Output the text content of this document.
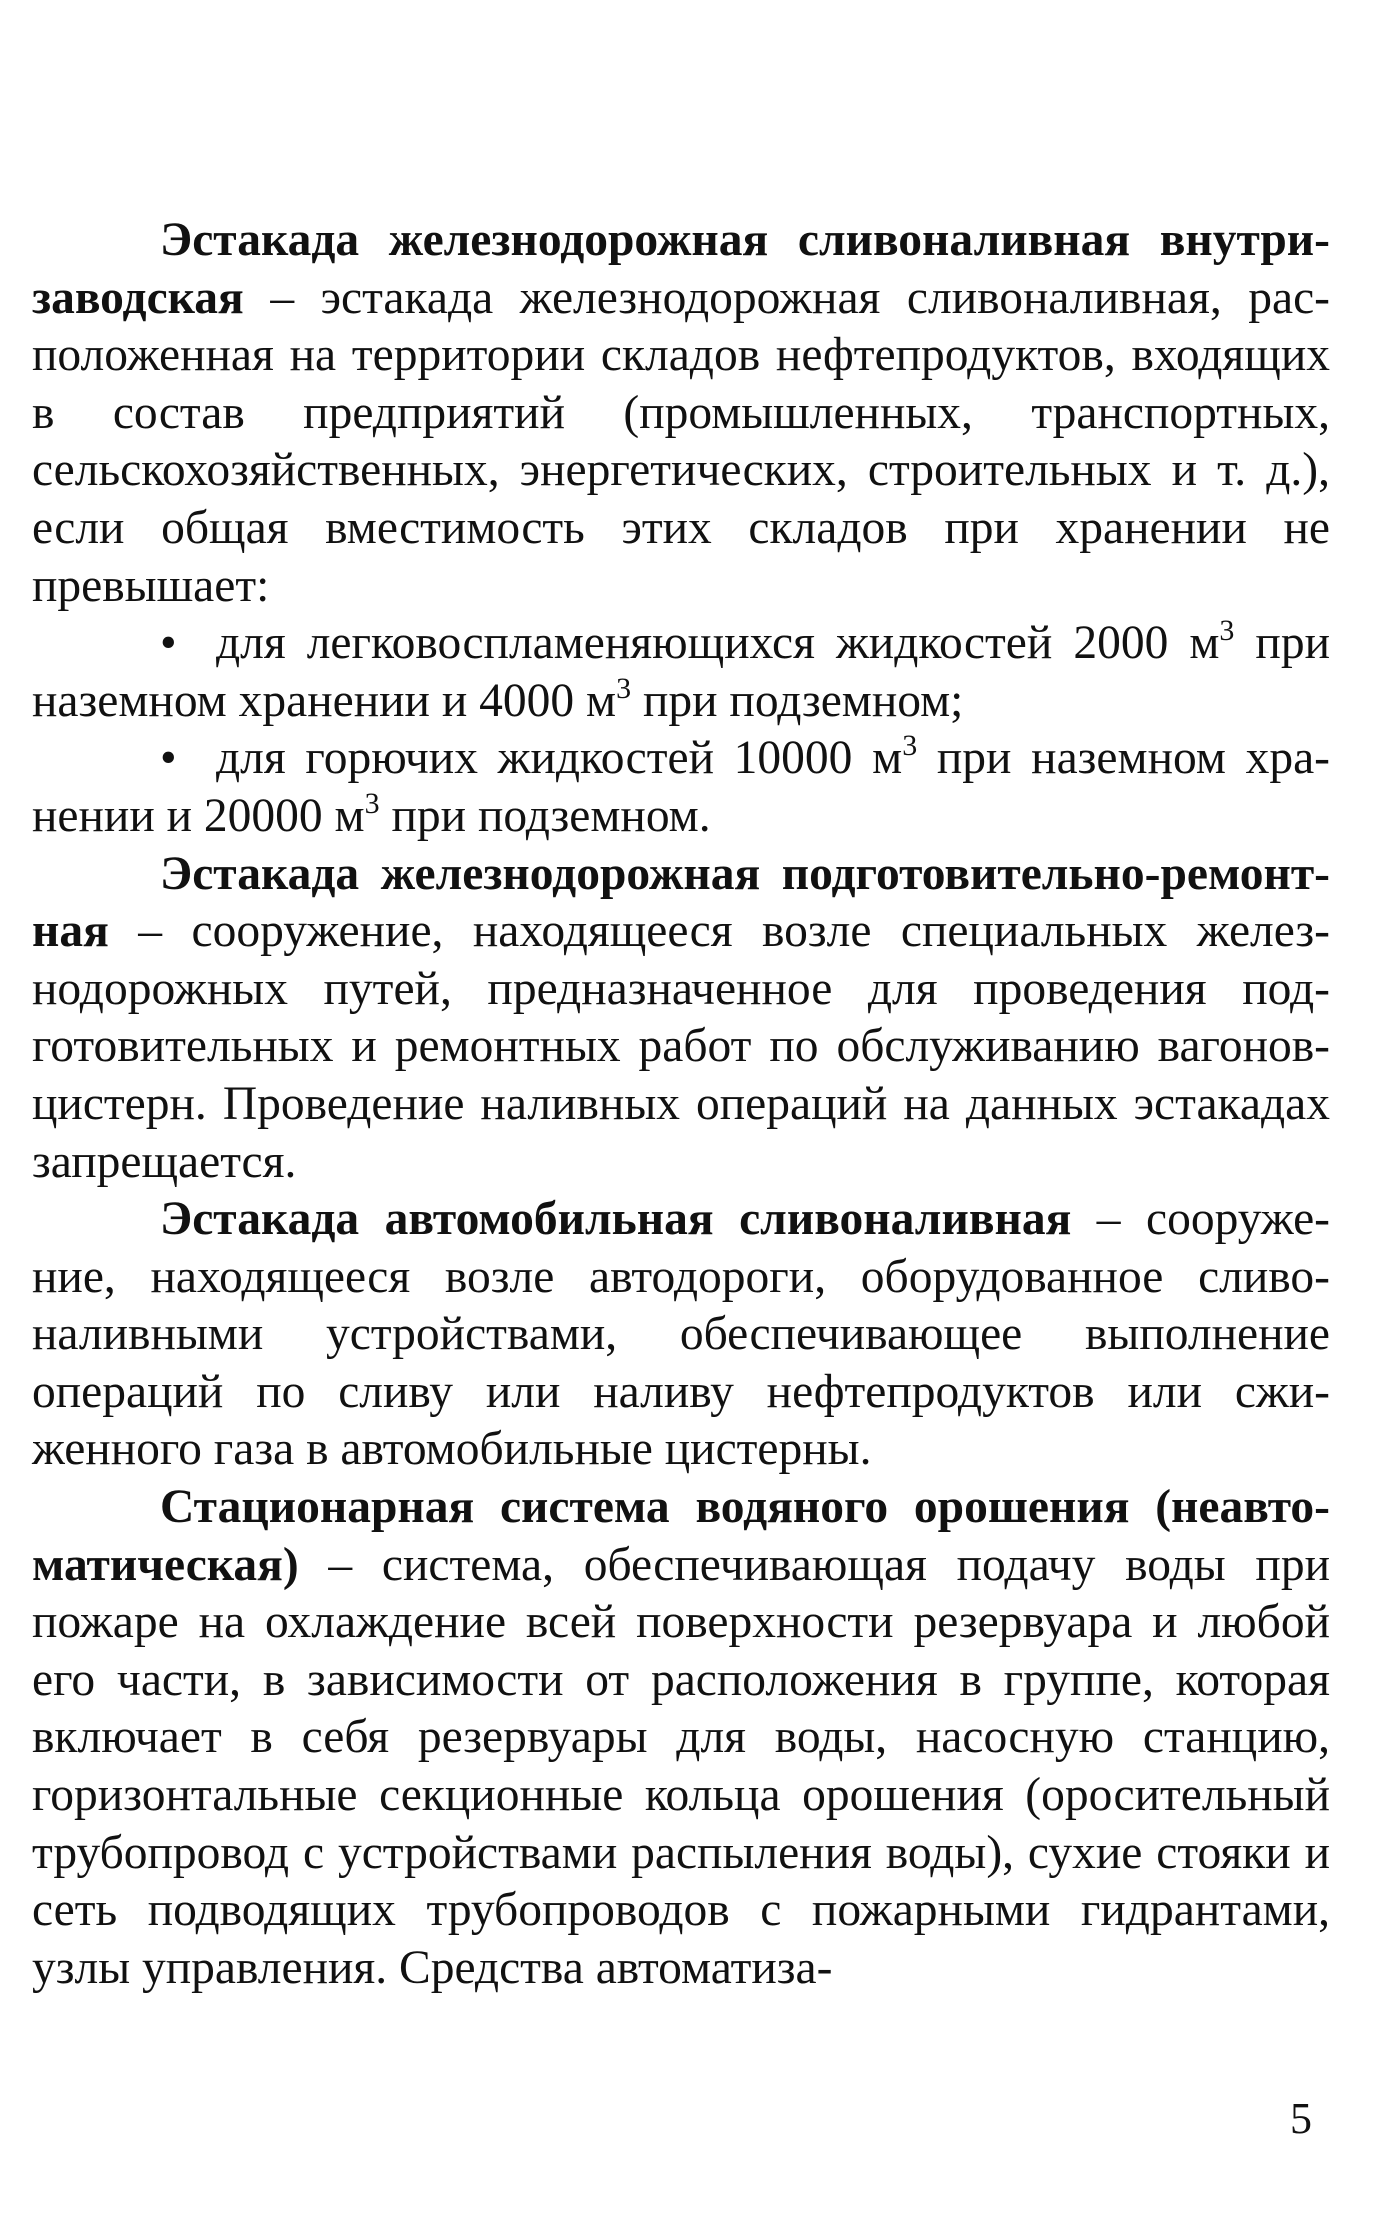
Эстакада железнодорожная сливоналивная внутризаводская – эстакада железнодорожная сливоналивная, расположенная на территории складов нефтепродуктов, входящих в состав предприятий (промышленных, транспортных, сельскохозяйственных, энергетических, строительных и т. д.), если общая вместимость этих складов при хранении не превышает:

•для легковоспламеняющихся жидкостей 2000 $м^3$ при наземном хранении и 4000 $м^3$ при подземном;

•для горючих жидкостей 10000 $м^3$ при наземном хранении и 20000 $м^3$ при подземном.

Эстакада железнодорожная подготовительно-ремонтная – сооружение, находящееся возле специальных железнодорожных путей, предназначенное для проведения подготовительных и ремонтных работ по обслуживанию вагонов-цистерн. Проведение наливных операций на данных эстакадах запрещается.

Эстакада автомобильная сливоналивная – сооружение, находящееся возле автодороги, оборудованное сливоналивными устройствами, обеспечивающее выполнение операций по сливу или наливу нефтепродуктов или сжиженного газа в автомобильные цистерны.

Стационарная система водяного орошения (неавтоматическая) – система, обеспечивающая подачу воды при пожаре на охлаждение всей поверхности резервуара и любой его части, в зависимости от расположения в группе, которая включает в себя резервуары для воды, насосную станцию, горизонтальные секционные кольца орошения (оросительный трубопровод с устройствами распыления воды), сухие стояки и сеть подводящих трубопроводов с пожарными гидрантами, узлы управления. Средства автоматиза-

5
